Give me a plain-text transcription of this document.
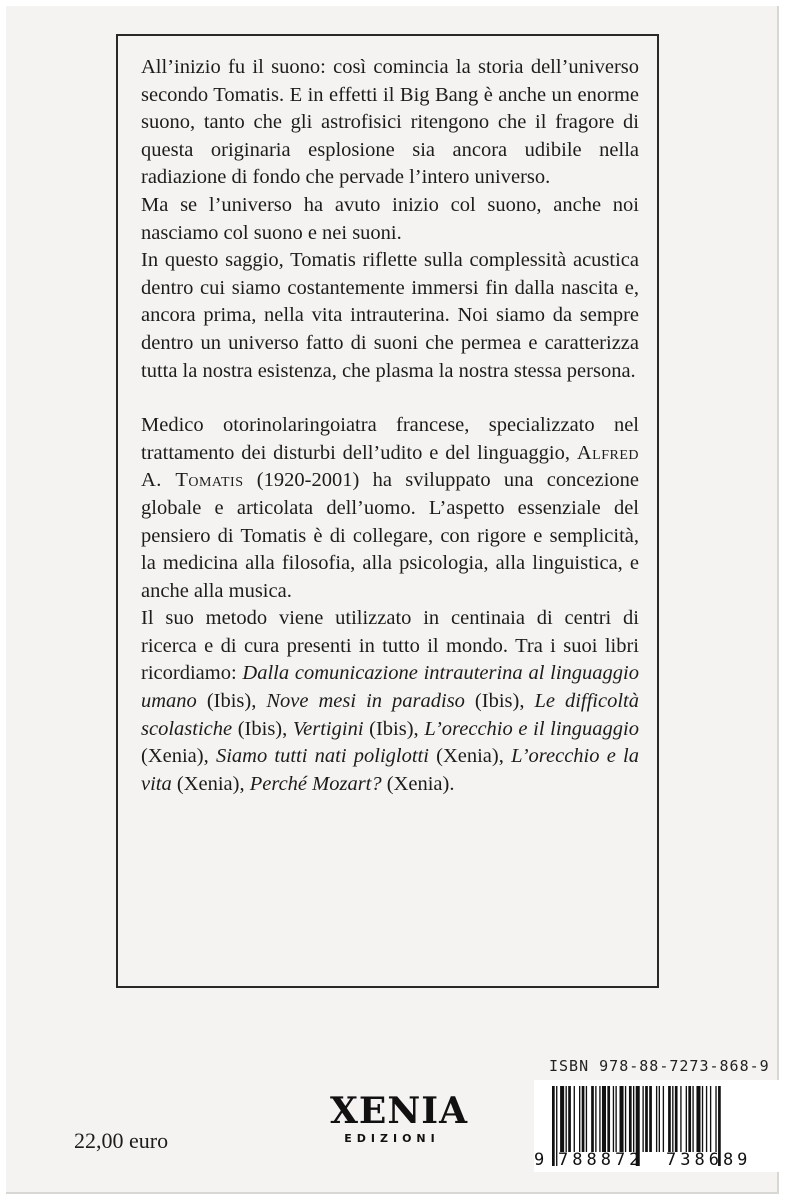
All’inizio fu il suono: così comincia la storia dell’universo secondo Tomatis. E in effetti il Big Bang è anche un enorme suono, tanto che gli astrofisici ritengono che il fragore di questa originaria esplosione sia ancora udibile nella radiazione di fondo che pervade l’intero universo.

Ma se l’universo ha avuto inizio col suono, anche noi nasciamo col suono e nei suoni.

In questo saggio, Tomatis riflette sulla complessità acustica dentro cui siamo costantemente immersi fin dalla nascita e, ancora prima, nella vita intrauterina. Noi siamo da sempre dentro un universo fatto di suoni che permea e caratterizza tutta la nostra esistenza, che plasma la nostra stessa persona.

Medico otorinolaringoiatra francese, specializzato nel trattamento dei disturbi dell’udito e del linguaggio, Alfred A. Tomatis (1920-2001) ha sviluppato una concezione globale e articolata dell’uomo. L’aspetto essenziale del pensiero di Tomatis è di collegare, con rigore e semplicità, la medicina alla filosofia, alla psicologia, alla linguistica, e anche alla musica.

Il suo metodo viene utilizzato in centinaia di centri di ricerca e di cura presenti in tutto il mondo. Tra i suoi libri ricordiamo: Dalla comunicazione intrauterina al linguaggio umano (Ibis), Nove mesi in paradiso (Ibis), Le difficoltà scolastiche (Ibis), Vertigini (Ibis), L’orecchio e il linguaggio (Xenia), Siamo tutti nati poliglotti (Xenia), L’orecchio e la vita (Xenia), Perché Mozart? (Xenia).

22,00 euro
XENIA
EDIZIONI
ISBN 978-88-7273-868-9
9 788872 738689
